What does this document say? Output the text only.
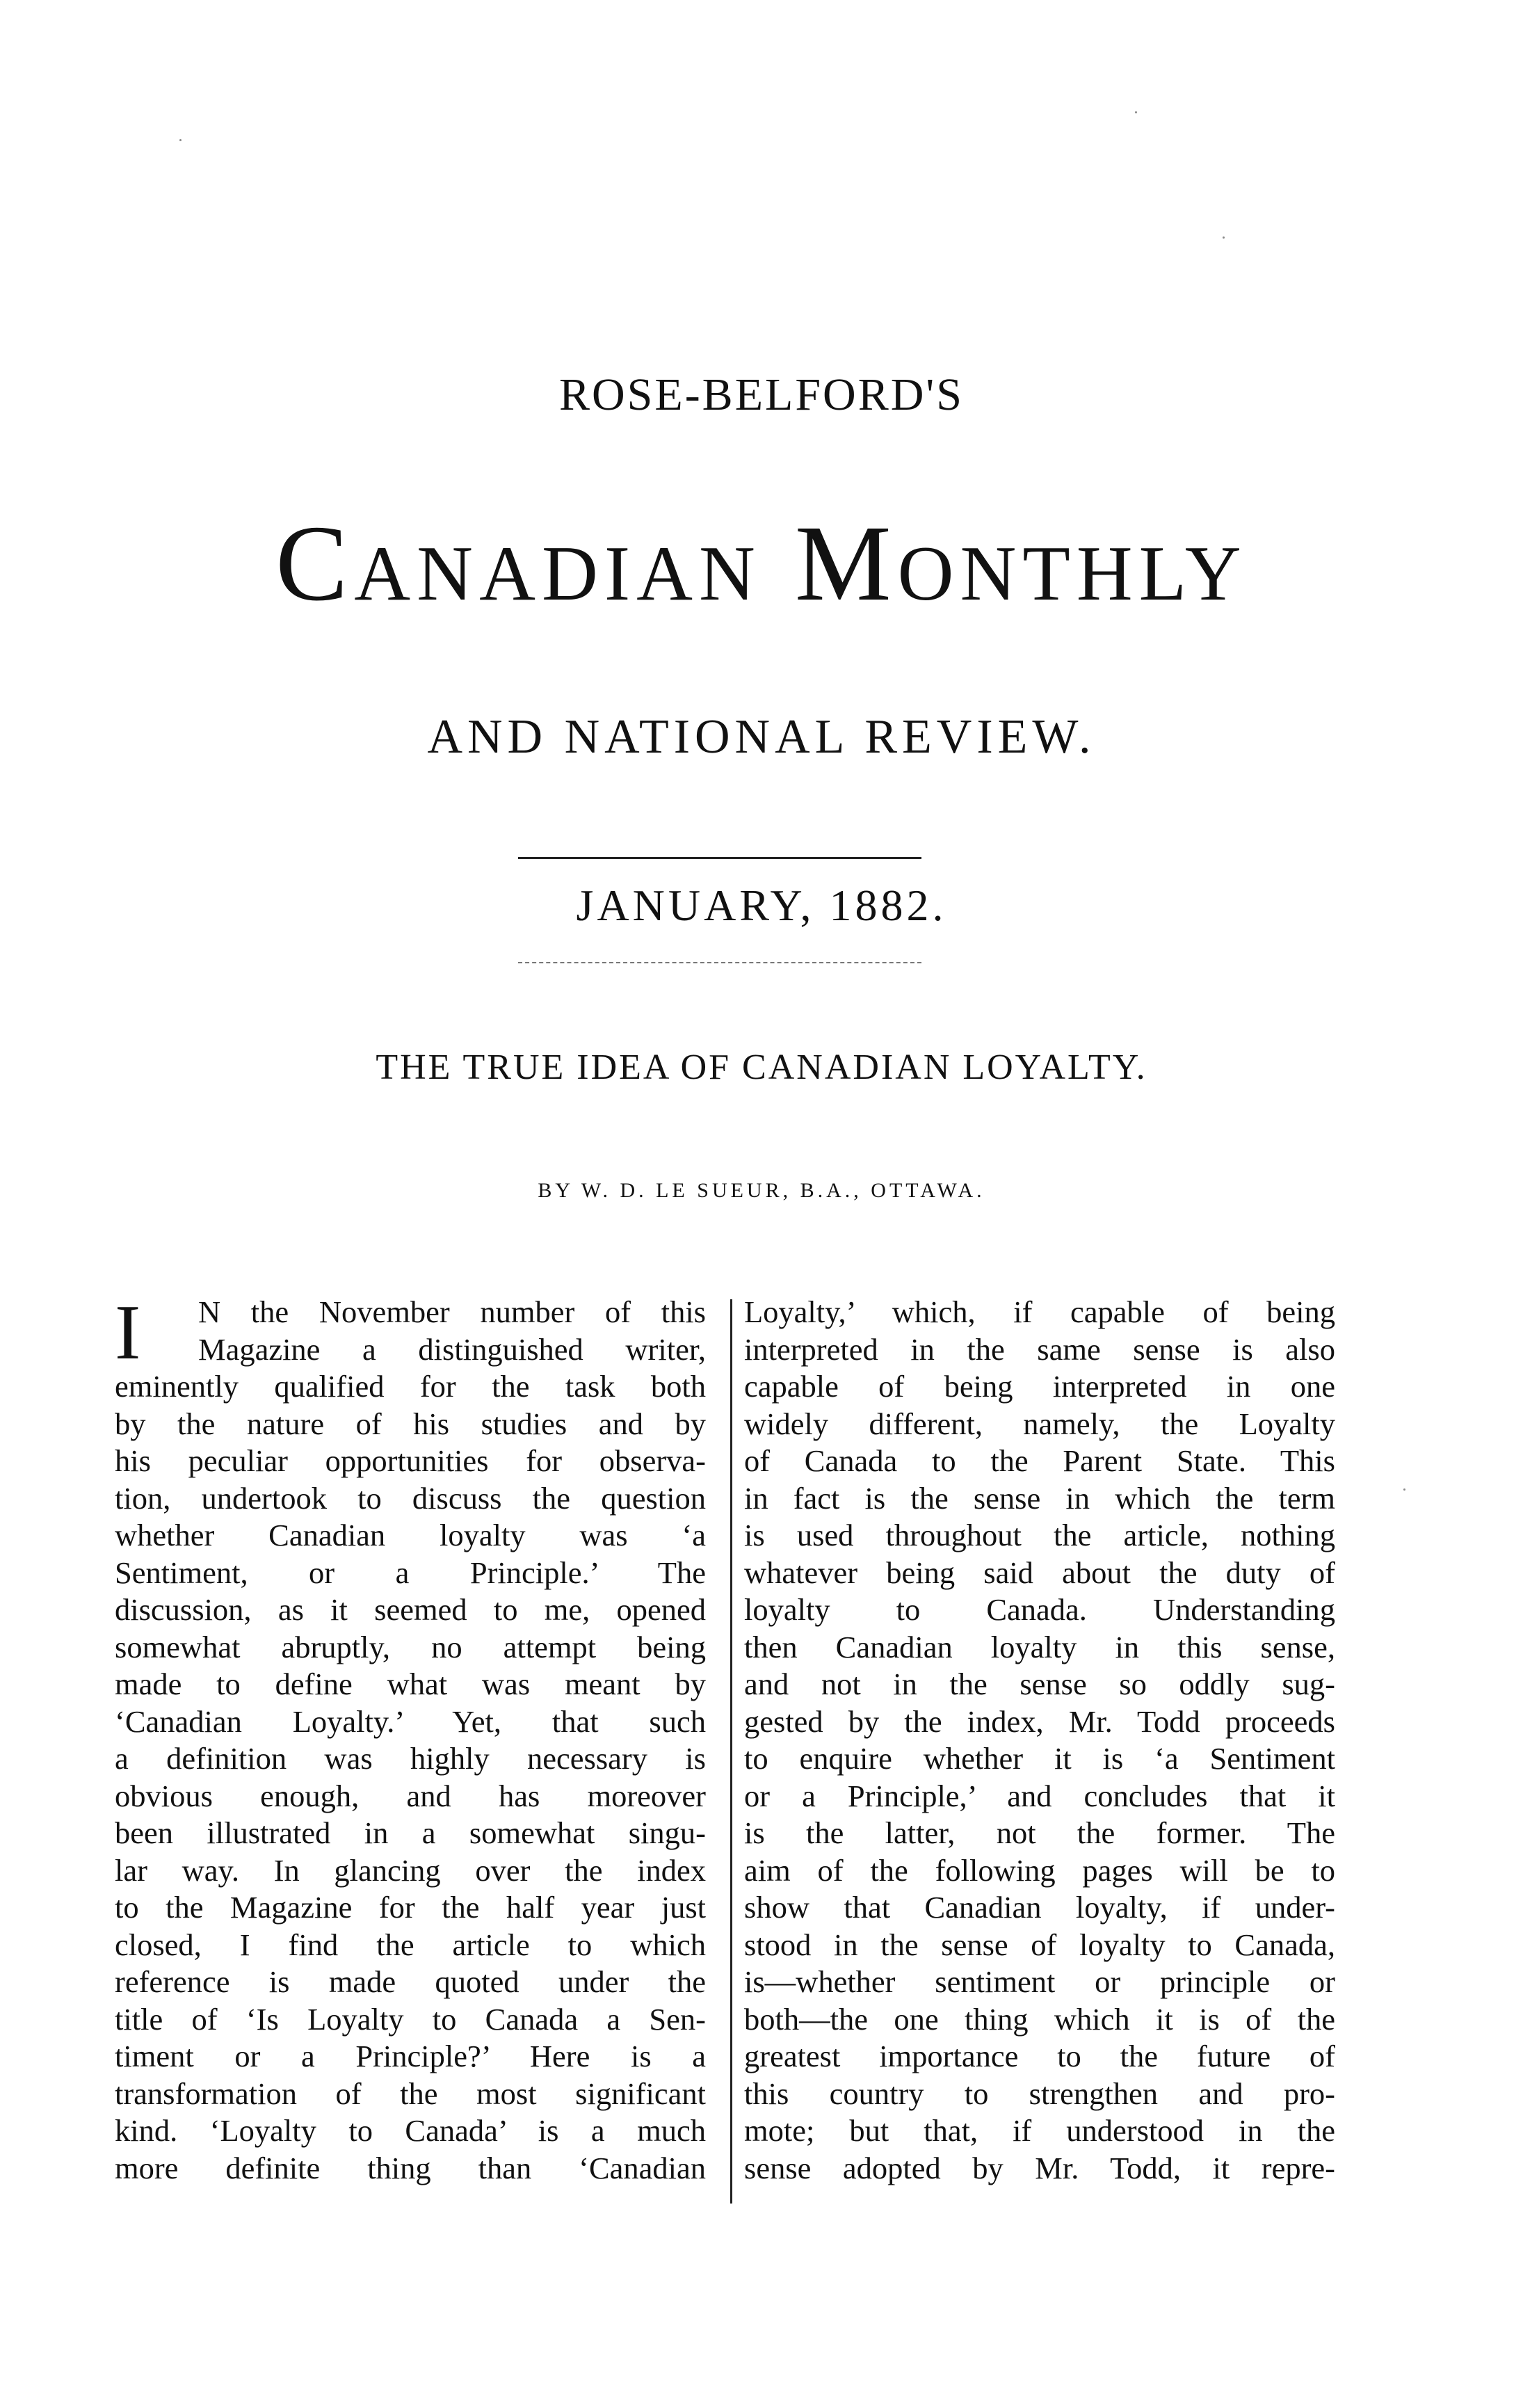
ROSE-BELFORD'S
CANADIAN MONTHLY
AND NATIONAL REVIEW.
JANUARY, 1882.
THE TRUE IDEA OF CANADIAN LOYALTY.
BY W. D. LE SUEUR, B.A., OTTAWA.
I	N the November number of this
Magazine a distinguished writer,
eminently qualified for the task both
by the nature of his studies and by
his peculiar opportunities for observa-
tion, undertook to discuss the question
whether Canadian loyalty was ‘a
Sentiment, or a Principle.’ The
discussion, as it seemed to me, opened
somewhat abruptly, no attempt being
made to define what was meant by
‘Canadian Loyalty.’ Yet, that such
a definition was highly necessary is
obvious enough, and has moreover
been illustrated in a somewhat singu-
lar way. In glancing over the index
to the Magazine for the half year just
closed, I find the article to which
reference is made quoted under the
title of ‘Is Loyalty to Canada a Sen-
timent or a Principle?’ Here is a
transformation of the most significant
kind. ‘Loyalty to Canada’ is a much
more definite thing than ‘Canadian
Loyalty,’ which, if capable of being
interpreted in the same sense is also
capable of being interpreted in one
widely different, namely, the Loyalty
of Canada to the Parent State. This
in fact is the sense in which the term
is used throughout the article, nothing
whatever being said about the duty of
loyalty to Canada. Understanding
then Canadian loyalty in this sense,
and not in the sense so oddly sug-
gested by the index, Mr. Todd proceeds
to enquire whether it is ‘a Sentiment
or a Principle,’ and concludes that it
is the latter, not the former. The
aim of the following pages will be to
show that Canadian loyalty, if under-
stood in the sense of loyalty to Canada,
is—whether sentiment or principle or
both—the one thing which it is of the
greatest importance to the future of
this country to strengthen and pro-
mote; but that, if understood in the
sense adopted by Mr. Todd, it repre-
